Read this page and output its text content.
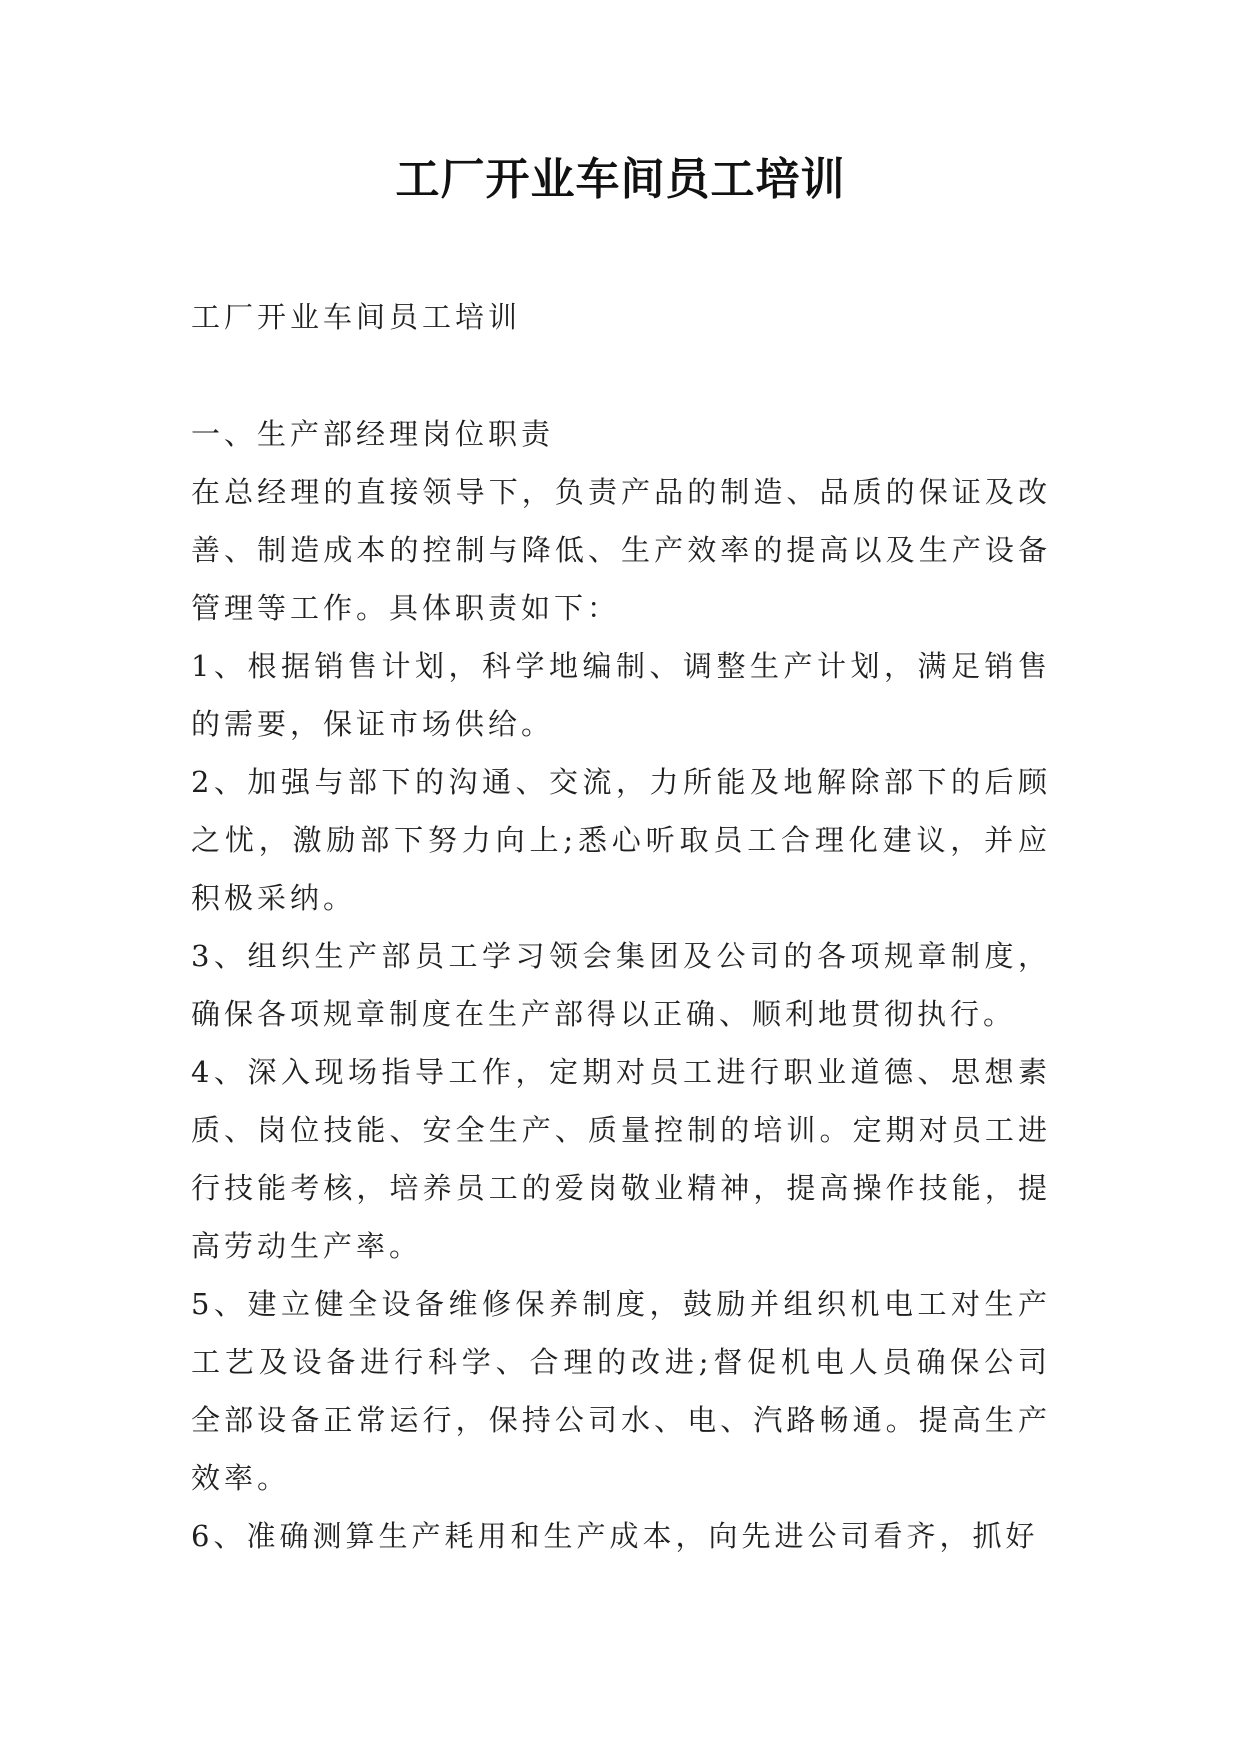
工厂开业车间员工培训
工厂开业车间员工培训

一、生产部经理岗位职责

在总经理的直接领导下，负责产品的制造、品质的保证及改善、制造成本的控制与降低、生产效率的提高以及生产设备管理等工作。具体职责如下：

1、根据销售计划，科学地编制、调整生产计划，满足销售的需要，保证市场供给。

2、加强与部下的沟通、交流，力所能及地解除部下的后顾之忧，激励部下努力向上;悉心听取员工合理化建议，并应积极采纳。

3、组织生产部员工学习领会集团及公司的各项规章制度，确保各项规章制度在生产部得以正确、顺利地贯彻执行。

4、深入现场指导工作，定期对员工进行职业道德、思想素质、岗位技能、安全生产、质量控制的培训。定期对员工进行技能考核，培养员工的爱岗敬业精神，提高操作技能，提高劳动生产率。

5、建立健全设备维修保养制度，鼓励并组织机电工对生产工艺及设备进行科学、合理的改进;督促机电人员确保公司全部设备正常运行，保持公司水、电、汽路畅通。提高生产效率。

6、准确测算生产耗用和生产成本，向先进公司看齐，抓好
